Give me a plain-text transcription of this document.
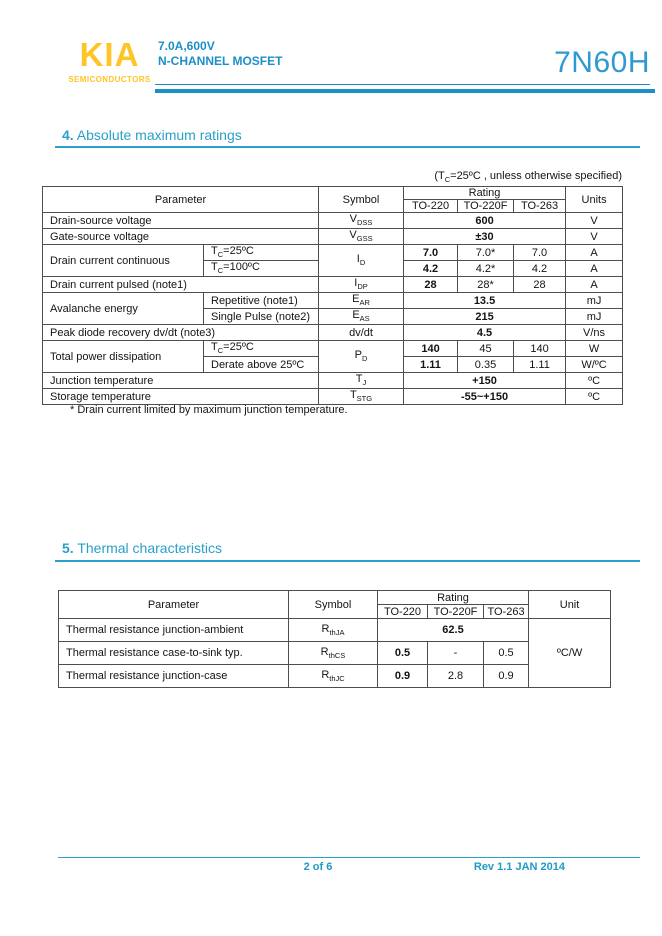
KIA
SEMICONDUCTORS
7.0A,600V
N-CHANNEL MOSFET	7N60H
4. Absolute maximum ratings
($T_C=25ºC$ , unless otherwise specified)
Parameter		Symbol	Rating			Units
			TO-220	TO-220F	TO-263	
Drain-source voltage		$V_{DSS}$	600			V
Gate-source voltage		$V_{GSS}$	±30			V
Drain current continuous	$T_C=25ºC$	$I_D$	7.0	7.0*	7.0	A
	$T_C=100ºC$		4.2	4.2*	4.2	A
Drain current pulsed (note1)		$I_{DP}$	28	28*	28	A
Avalanche energy	Repetitive (note1)	$E_{AR}$	13.5			mJ
	Single Pulse (note2)	$E_{AS}$	215			mJ
Peak diode recovery dv/dt (note3)		dv/dt	4.5			V/ns
Total power dissipation	$T_C=25ºC$	$P_D$	140	45	140	W
	Derate above 25ºC		1.11	0.35	1.11	W/ºC
Junction temperature		$T_J$	+150			ºC
Storage temperature		$T_{STG}$	-55~+150			ºC
* Drain current limited by maximum junction temperature.
5. Thermal characteristics
Parameter	Symbol	Rating			Unit
		TO-220	TO-220F	TO-263	
Thermal resistance junction-ambient	$R_{thJA}$	62.5			ºC/W
Thermal resistance case-to-sink typ.	$R_{thCS}$	0.5	-	0.5	
Thermal resistance junction-case	$R_{thJC}$	0.9	2.8	0.9	
2 of 6	Rev 1.1 JAN 2014
